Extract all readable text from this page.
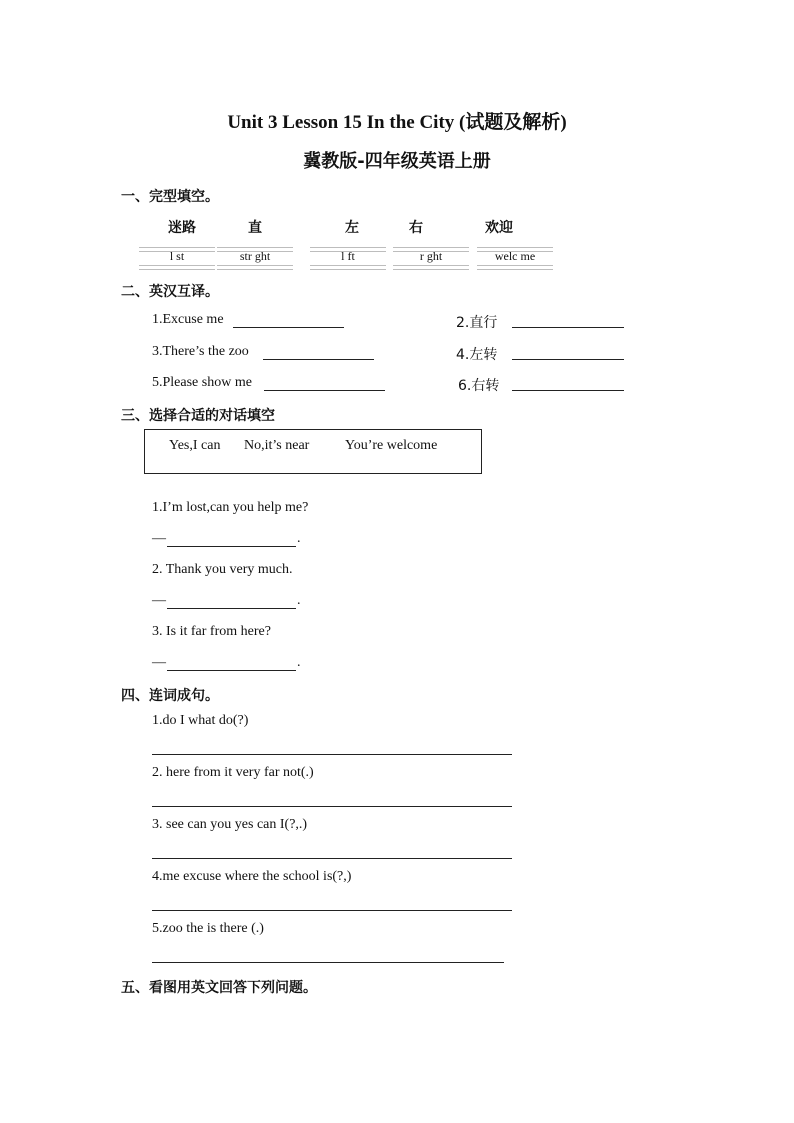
Unit 3 Lesson 15 In the City (试题及解析)
冀教版-四年级英语上册
一、完型填空。
迷路	直	左	右	欢迎
l st	str ght	l ft	r ght	welc me
二、英汉互译。
1.Excuse me	2.直行
3.There’s the zoo	4.左转
5.Please show me	6.右转
三、选择合适的对话填空
Yes,I can No,it’s near	You’re welcome
1.I’m lost,can you help me?
—	.
2. Thank you very much.
—	.
3. Is it far from here?
—	.
四、连词成句。
1.do I what do(?)
2. here from it very far not(.)
3. see can you yes can I(?,.)
4.me excuse where the school is(?,)
5.zoo the is there (.)
五、看图用英文回答下列问题。
